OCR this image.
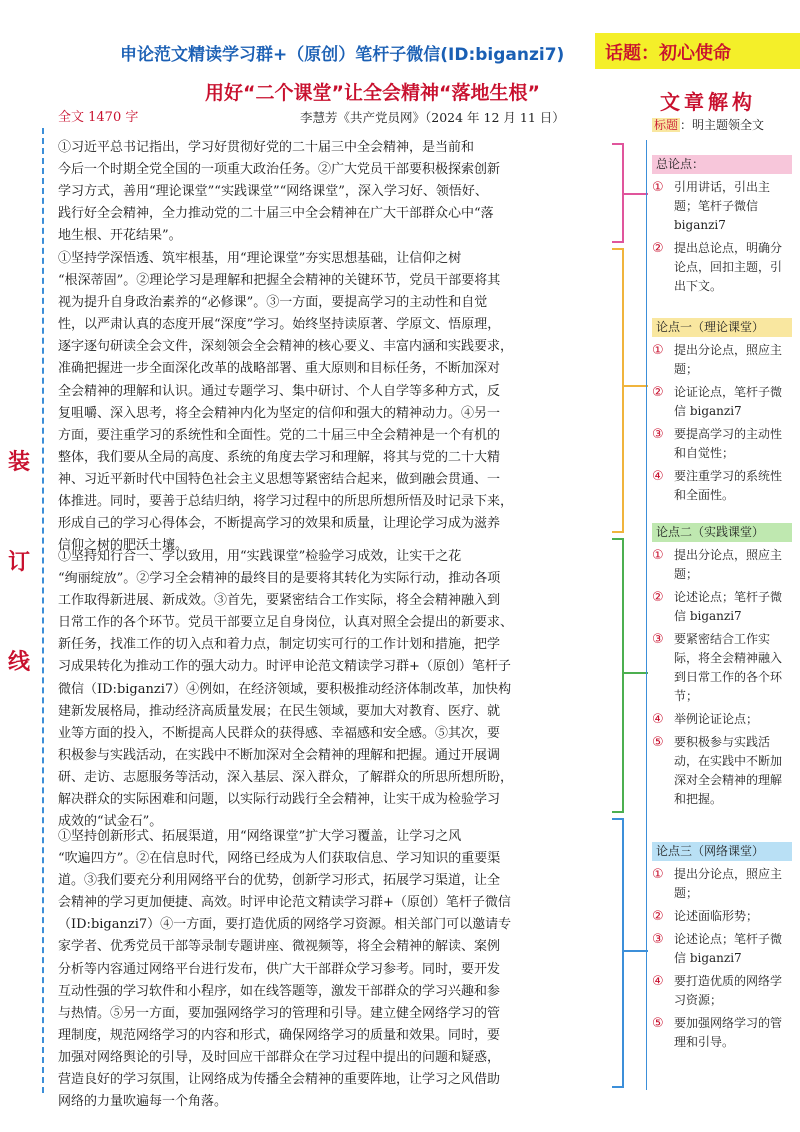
申论范文精读学习群+（原创）笔杆子微信(ID:biganzi7) 话题：初心使命
用好“二个课堂”让全会精神“落地生根”
全文 1470 字	李慧芳《共产党员网》（2024 年 12 月 11 日）
装
订
线
①习近平总书记指出，学习好贯彻好党的二十届三中全会精神，是当前和
今后一个时期全党全国的一项重大政治任务。②广大党员干部要积极探索创新
学习方式，善用“理论课堂”“实践课堂”“网络课堂”，深入学习好、领悟好、
践行好全会精神，全力推动党的二十届三中全会精神在广大干部群众心中“落
地生根、开花结果”。
①坚持学深悟透、筑牢根基，用“理论课堂”夯实思想基础，让信仰之树
“根深蒂固”。②理论学习是理解和把握全会精神的关键环节，党员干部要将其
视为提升自身政治素养的“必修课”。③一方面，要提高学习的主动性和自觉
性，以严肃认真的态度开展“深度”学习。始终坚持读原著、学原文、悟原理，
逐字逐句研读全会文件，深刻领会全会精神的核心要义、丰富内涵和实践要求，
准确把握进一步全面深化改革的战略部署、重大原则和目标任务，不断加深对
全会精神的理解和认识。通过专题学习、集中研讨、个人自学等多种方式，反
复咀嚼、深入思考，将全会精神内化为坚定的信仰和强大的精神动力。④另一
方面，要注重学习的系统性和全面性。党的二十届三中全会精神是一个有机的
整体，我们要从全局的高度、系统的角度去学习和理解，将其与党的二十大精
神、习近平新时代中国特色社会主义思想等紧密结合起来，做到融会贯通、一
体推进。同时，要善于总结归纳，将学习过程中的所思所想所悟及时记录下来，
形成自己的学习心得体会，不断提高学习的效果和质量，让理论学习成为滋养
信仰之树的肥沃土壤。
①坚持知行合一、学以致用，用“实践课堂”检验学习成效，让实干之花
“绚丽绽放”。②学习全会精神的最终目的是要将其转化为实际行动，推动各项
工作取得新进展、新成效。③首先，要紧密结合工作实际，将全会精神融入到
日常工作的各个环节。党员干部要立足自身岗位，认真对照全会提出的新要求、
新任务，找准工作的切入点和着力点，制定切实可行的工作计划和措施，把学
习成果转化为推动工作的强大动力。时评申论范文精读学习群+（原创）笔杆子
微信（ID:biganzi7）④例如，在经济领域，要积极推动经济体制改革，加快构
建新发展格局，推动经济高质量发展；在民生领域，要加大对教育、医疗、就
业等方面的投入，不断提高人民群众的获得感、幸福感和安全感。⑤其次，要
积极参与实践活动，在实践中不断加深对全会精神的理解和把握。通过开展调
研、走访、志愿服务等活动，深入基层、深入群众，了解群众的所思所想所盼，
解决群众的实际困难和问题，以实际行动践行全会精神，让实干成为检验学习
成效的“试金石”。
①坚持创新形式、拓展渠道，用“网络课堂”扩大学习覆盖，让学习之风
“吹遍四方”。②在信息时代，网络已经成为人们获取信息、学习知识的重要渠
道。③我们要充分利用网络平台的优势，创新学习形式，拓展学习渠道，让全
会精神的学习更加便捷、高效。时评申论范文精读学习群+（原创）笔杆子微信
（ID:biganzi7）④一方面，要打造优质的网络学习资源。相关部门可以邀请专
家学者、优秀党员干部等录制专题讲座、微视频等，将全会精神的解读、案例
分析等内容通过网络平台进行发布，供广大干部群众学习参考。同时，要开发
互动性强的学习软件和小程序，如在线答题等，激发干部群众的学习兴趣和参
与热情。⑤另一方面，要加强网络学习的管理和引导。建立健全网络学习的管
理制度，规范网络学习的内容和形式，确保网络学习的质量和效果。同时，要
加强对网络舆论的引导，及时回应干部群众在学习过程中提出的问题和疑惑，
营造良好的学习氛围，让网络成为传播全会精神的重要阵地，让学习之风借助
网络的力量吹遍每一个角落。
文章解构
标题 ：明主题领全文
总论点：
① 引用讲话，引出主题；笔杆子微信 biganzi7
② 提出总论点，明确分论点，回扣主题，引出下文。
论点一（理论课堂）
① 提出分论点，照应主题；
② 论证论点，笔杆子微信 biganzi7
③ 要提高学习的主动性和自觉性；
④ 要注重学习的系统性和全面性。
论点二（实践课堂）
① 提出分论点，照应主题；
② 论述论点；笔杆子微信 biganzi7
③ 要紧密结合工作实际，将全会精神融入到日常工作的各个环节；
④ 举例论证论点；
⑤ 要积极参与实践活动，在实践中不断加深对全会精神的理解和把握。
论点三（网络课堂）
① 提出分论点，照应主题；
② 论述面临形势；
③ 论述论点；笔杆子微信 biganzi7
④ 要打造优质的网络学习资源；
⑤ 要加强网络学习的管理和引导。
